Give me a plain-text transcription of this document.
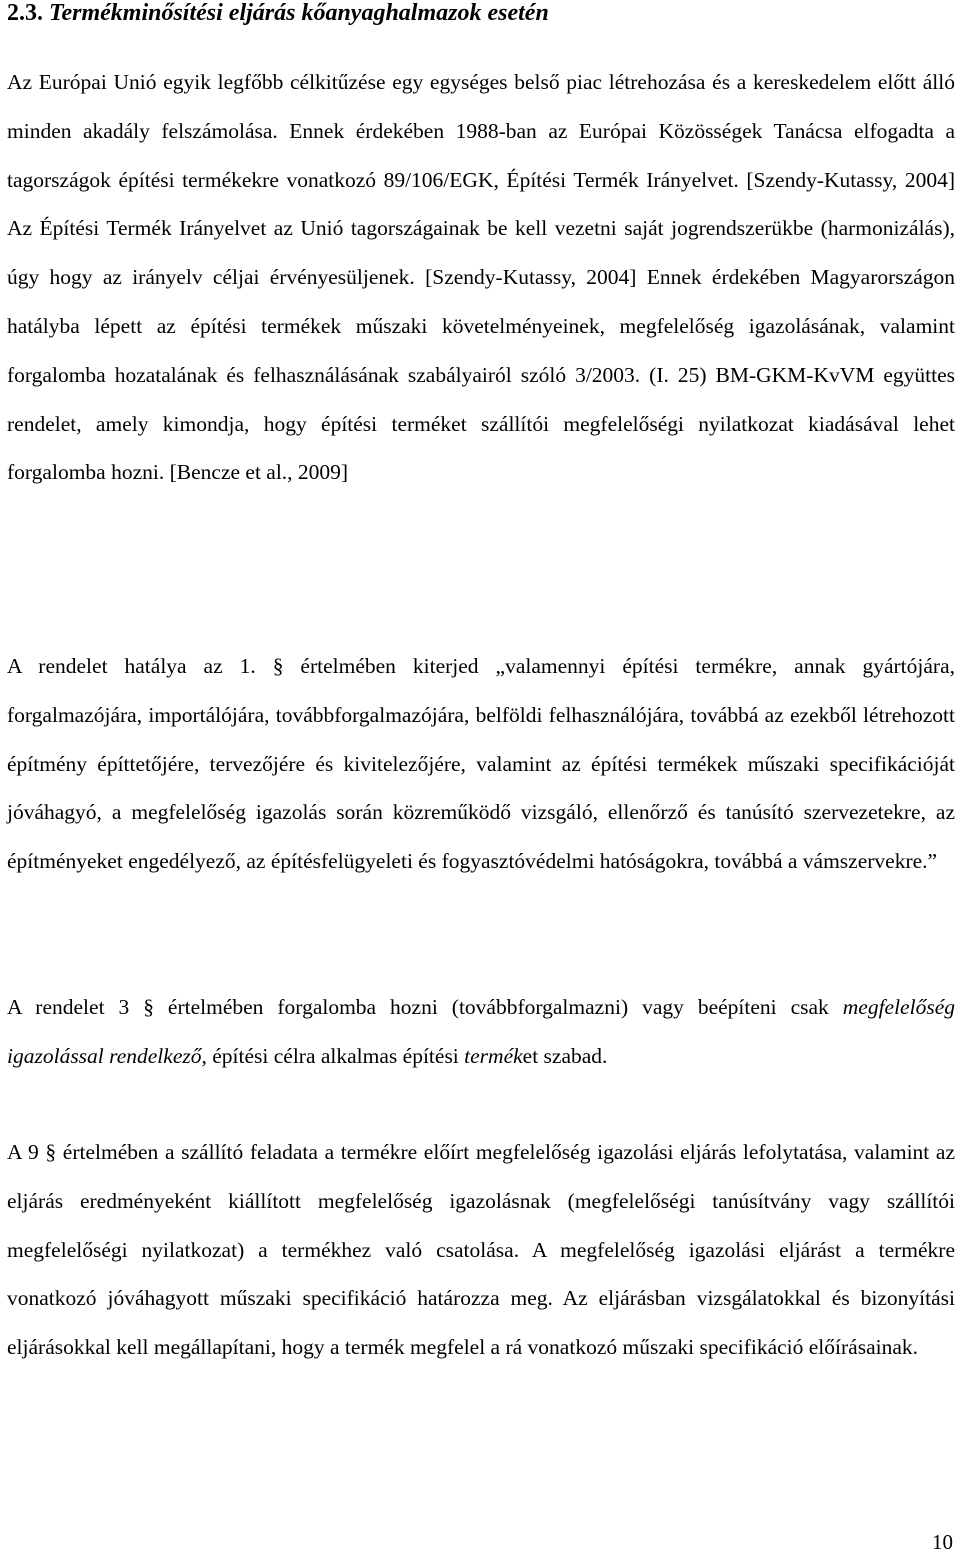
2.3. Termékminősítési eljárás kőanyaghalmazok esetén

Az Európai Unió egyik legfőbb célkitűzése egy egységes belső piac létrehozása és a kereskedelem előtt álló minden akadály felszámolása. Ennek érdekében 1988-ban az Európai Közösségek Tanácsa elfogadta a tagországok építési termékekre vonatkozó 89/106/EGK, Építési Termék Irányelvet. [Szendy-Kutassy, 2004] Az Építési Termék Irányelvet az Unió tagországainak be kell vezetni saját jogrendszerükbe (harmonizálás), úgy hogy az irányelv céljai érvényesüljenek. [Szendy-Kutassy, 2004] Ennek érdekében Magyarországon hatályba lépett az építési termékek műszaki követelményeinek, megfelelőség igazolásának, valamint forgalomba hozatalának és felhasználásának szabályairól szóló 3/2003. (I. 25) BM-GKM-KvVM együttes rendelet, amely kimondja, hogy építési terméket szállítói megfelelőségi nyilatkozat kiadásával lehet forgalomba hozni. [Bencze et al., 2009]

A rendelet hatálya az 1. § értelmében kiterjed „valamennyi építési termékre, annak gyártójára, forgalmazójára, importálójára, továbbforgalmazójára, belföldi felhasználójára, továbbá az ezekből létrehozott építmény építtetőjére, tervezőjére és kivitelezőjére, valamint az építési termékek műszaki specifikációját jóváhagyó, a megfelelőség igazolás során közreműködő vizsgáló, ellenőrző és tanúsító szervezetekre, az építményeket engedélyező, az építésfelügyeleti és fogyasztóvédelmi hatóságokra, továbbá a vámszervekre.”

A rendelet 3 § értelmében forgalomba hozni (továbbforgalmazni) vagy beépíteni csak megfelelőség igazolással rendelkező, építési célra alkalmas építési terméket szabad.

A 9 § értelmében a szállító feladata a termékre előírt megfelelőség igazolási eljárás lefolytatása, valamint az eljárás eredményeként kiállított megfelelőség igazolásnak (megfelelőségi tanúsítvány vagy szállítói megfelelőségi nyilatkozat) a termékhez való csatolása. A megfelelőség igazolási eljárást a termékre vonatkozó jóváhagyott műszaki specifikáció határozza meg. Az eljárásban vizsgálatokkal és bizonyítási eljárásokkal kell megállapítani, hogy a termék megfelel a rá vonatkozó műszaki specifikáció előírásainak.

10
